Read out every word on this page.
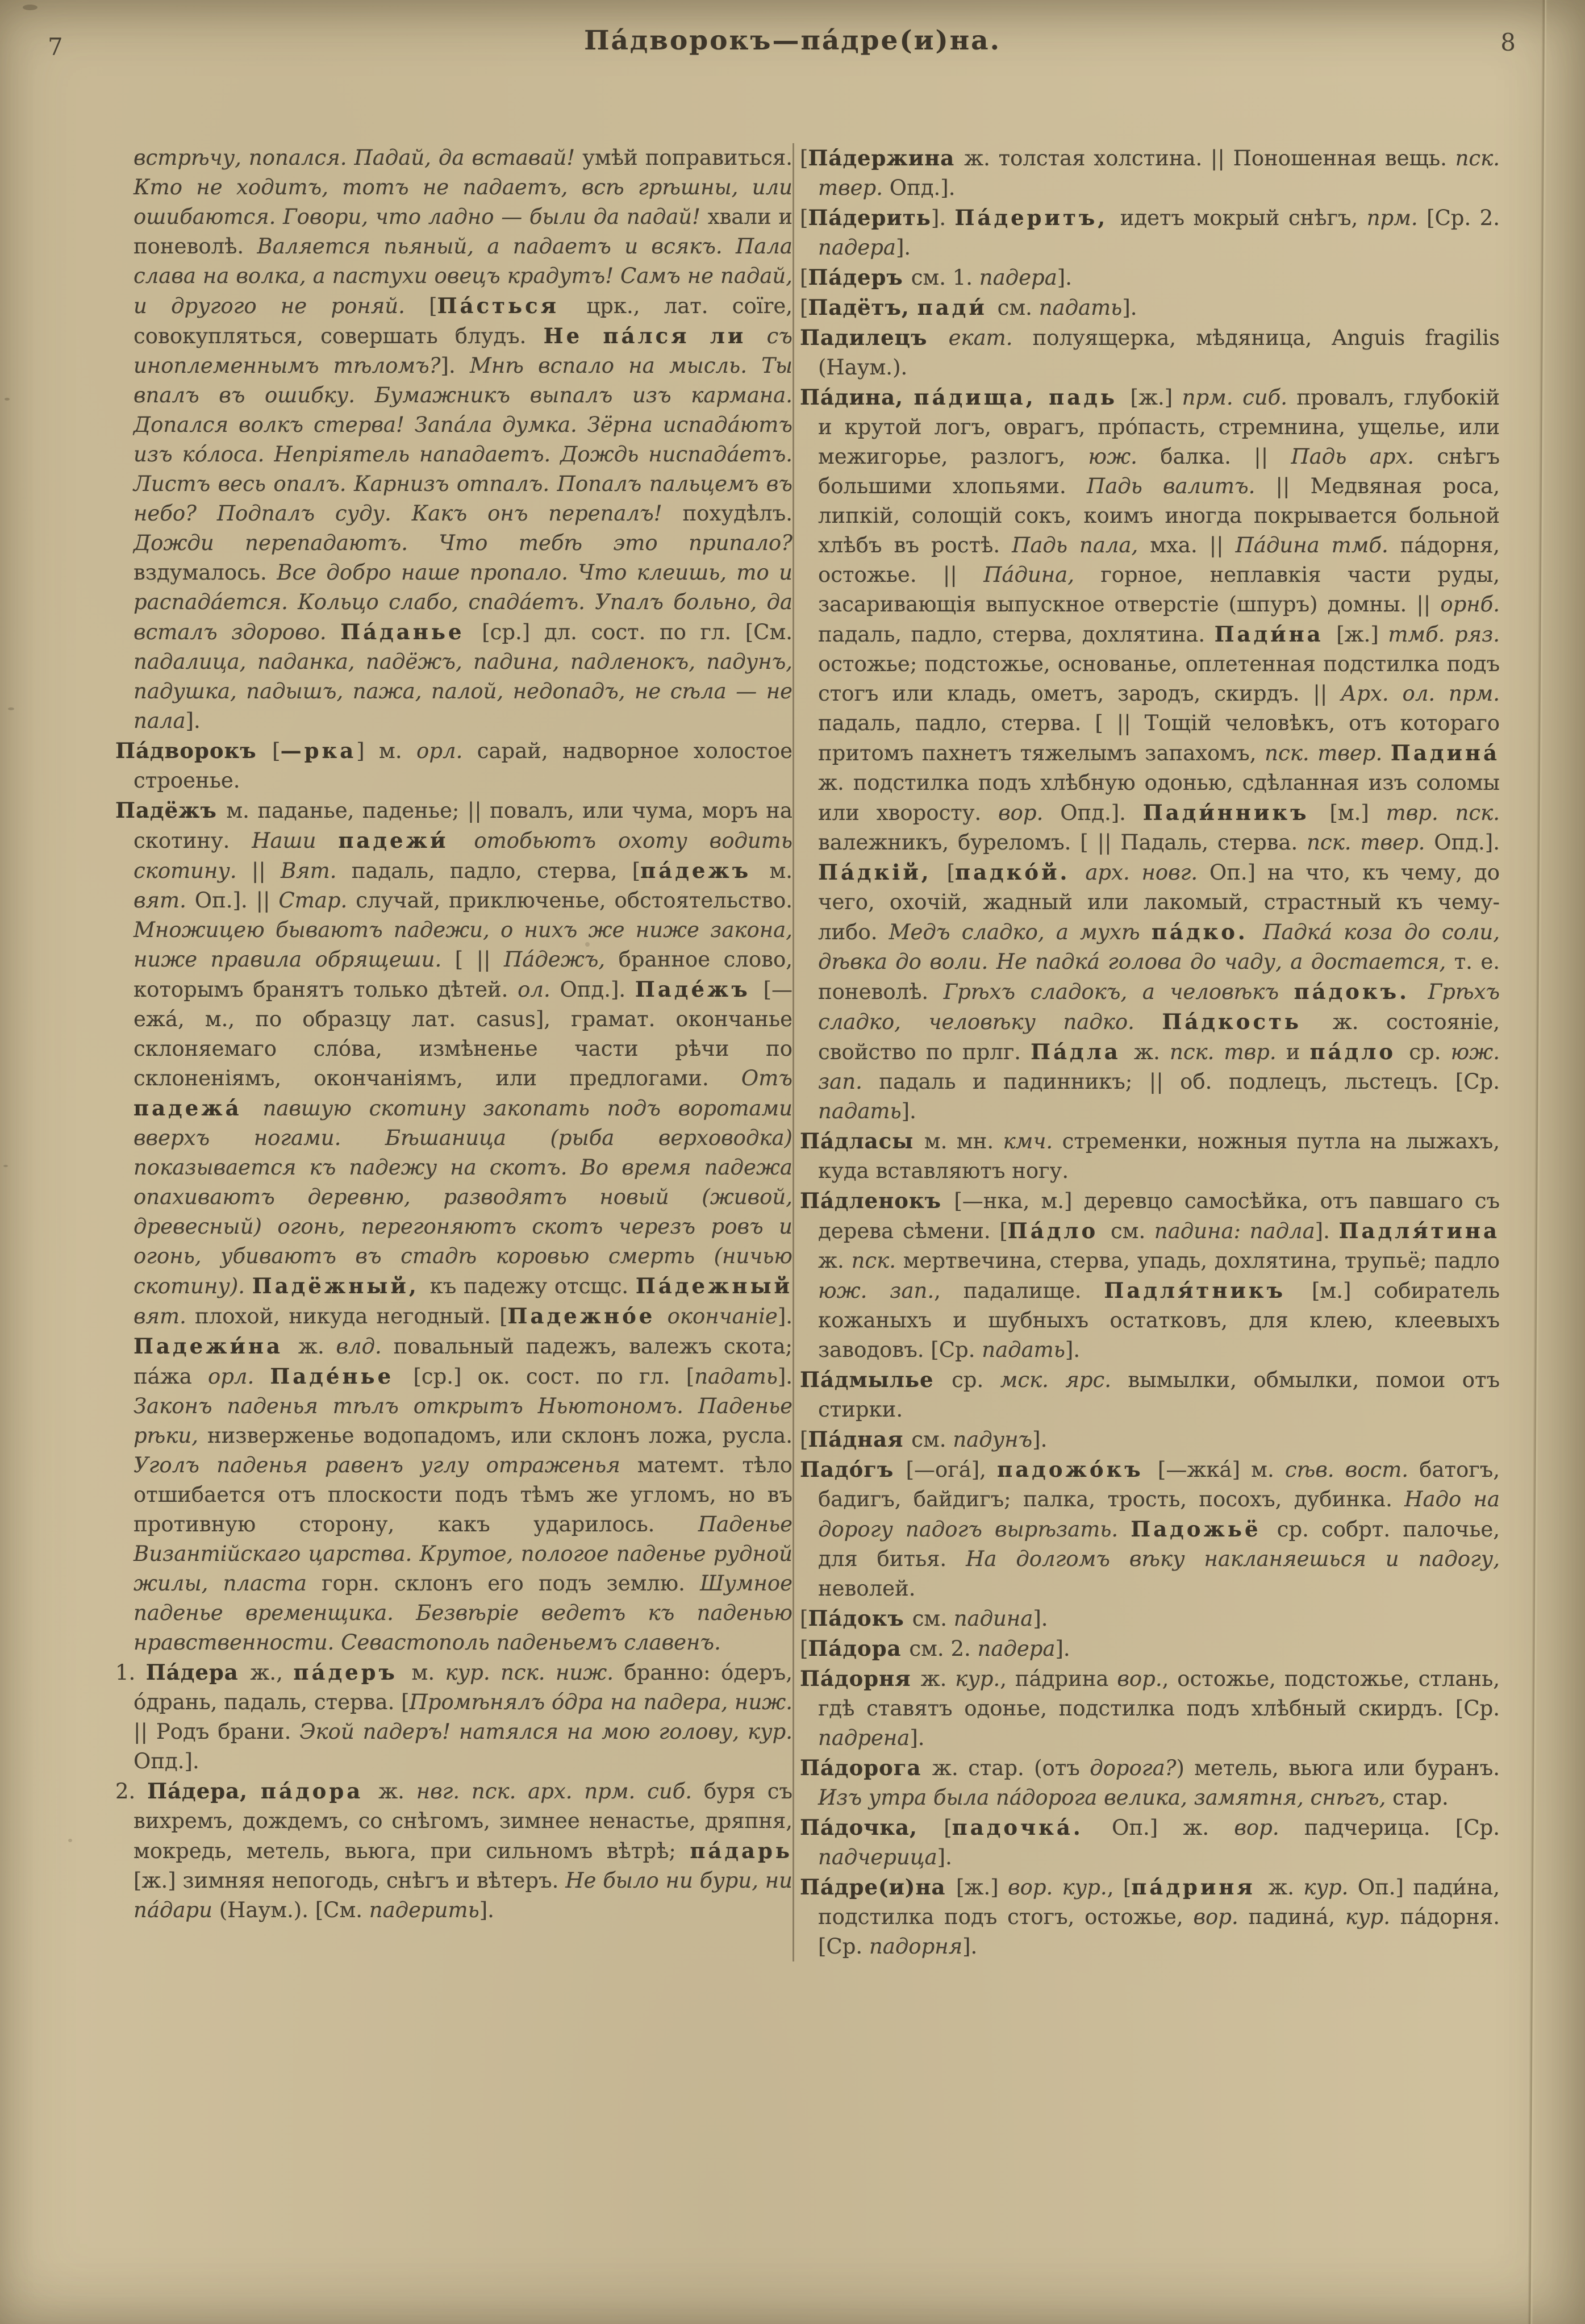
7	Па́дворокъ—па́дре(и)на.	8

встрѣчу, попался. Падай, да вставай! умѣй поправиться. Кто не ходитъ, тотъ не падаетъ, всѣ грѣшны, или ошибаются. Говори, что ладно — были да падай! хвали и поневолѣ. Валяется пьяный, а падаетъ и всякъ. Пала слава на волка, а пастухи овецъ крадутъ! Самъ не падай, и другого не роняй. [Па́сться црк., лат. coïre, совокупляться, совершать блудъ. Не па́лся ли съ иноплеменнымъ тѣломъ?]. Мнѣ вспало на мысль. Ты впалъ въ ошибку. Бумажникъ выпалъ изъ кармана. Допался волкъ стерва! Запа́ла думка. Зёрна испада́ютъ изъ ко́лоса. Непріятель нападаетъ. Дождь ниспада́етъ. Листъ весь опалъ. Карнизъ отпалъ. Попалъ пальцемъ въ небо? Подпалъ суду. Какъ онъ перепалъ! похудѣлъ. Дожди перепадаютъ. Что тебѣ это припало? вздумалось. Все добро наше пропало. Что клеишь, то и распада́ется. Кольцо слабо, спада́етъ. Упалъ больно, да всталъ здорово. Па́данье [ср.] дл. сост. по гл. [См. падалица, паданка, падёжъ, падина, падленокъ, падунъ, падушка, падышъ, пажа, палой, недопадъ, не сѣла — не пала].

Па́дворокъ [—рка] м. орл. сарай, надворное холостое строенье.

Падёжъ м. паданье, паденье; || повалъ, или чума, моръ на скотину. Наши падежи́ отобьютъ охоту водить скотину. || Вят. падаль, падло, стерва, [па́дежъ м. вят. Оп.]. || Стар. случай, приключенье, обстоятельство. Множицею бываютъ падежи, о нихъ же ниже закона, ниже правила обрящеши. [ || Па́дежъ, бранное слово, которымъ бранятъ только дѣтей. ол. Опд.]. Паде́жъ [—ежа́, м., по образцу лат. casus], грамат. окончанье склоняемаго сло́ва, измѣненье части рѣчи по склоненіямъ, окончаніямъ, или предлогами. Отъ падежа́ павшую скотину закопать подъ воротами вверхъ ногами. Бѣшаница (рыба верховодка) показывается къ падежу на скотъ. Во время падежа опахиваютъ деревню, разводятъ новый (живой, древесный) огонь, перегоняютъ скотъ черезъ ровъ и огонь, убиваютъ въ стадѣ коровью смерть (ничью скотину). Падёжный, къ падежу отсщс. Па́дежный вят. плохой, никуда негодный. [Падежно́е окончаніе]. Падежи́на ж. влд. повальный падежъ, валежъ скота; па́жа орл. Паде́нье [ср.] ок. сост. по гл. [падать]. Законъ паденья тѣлъ открытъ Ньютономъ. Паденье рѣки, низверженье водопадомъ, или склонъ ложа, русла. Уголъ паденья равенъ углу отраженья матемт. тѣло отшибается отъ плоскости подъ тѣмъ же угломъ, но въ противную сторону, какъ ударилось. Паденье Византійскаго царства. Крутое, пологое паденье рудной жилы, пласта горн. склонъ его подъ землю. Шумное паденье временщика. Безвѣріе ведетъ къ паденью нравственности. Севастополь паденьемъ славенъ.

1. Па́дера ж., па́деръ м. кур. пск. ниж. бранно: о́деръ, о́дрань, падаль, стерва. [Промѣнялъ о́дра на падера, ниж. || Родъ брани. Экой падеръ! натялся на мою голову, кур. Опд.].

2. Па́дера, па́дора ж. нвг. пск. арх. прм. сиб. буря съ вихремъ, дождемъ, со снѣгомъ, зимнее ненастье, дряпня, мокредь, метель, вьюга, при сильномъ вѣтрѣ; па́дарь [ж.] зимняя непогодь, снѣгъ и вѣтеръ. Не было ни бури, ни па́дари (Наум.). [См. падерить].

[Па́держина ж. толстая холстина. || Поношенная вещь. пск. твер. Опд.].

[Па́дерить]. Па́деритъ, идетъ мокрый снѣгъ, прм. [Ср. 2. падера].

[Па́деръ см. 1. падера].

[Падётъ, пади́ см. падать].

Падилецъ екат. полуящерка, мѣдяница, Anguis fragilis (Наум.).

Па́дина, па́дища, падь [ж.] прм. сиб. провалъ, глубокій и крутой логъ, оврагъ, про́пасть, стремнина, ущелье, или межигорье, разлогъ, юж. балка. || Падь арх. снѣгъ большими хлопьями. Падь валитъ. || Медвяная роса, липкій, солощій сокъ, коимъ иногда покрывается больной хлѣбъ въ ростѣ. Падь пала, мха. || Па́дина тмб. па́дорня, остожье. || Па́дина, горное, неплавкія части руды, засаривающія выпускное отверстіе (шпуръ) домны. || орнб. падаль, падло, стерва, дохлятина. Пади́на [ж.] тмб. ряз. остожье; подстожье, основанье, оплетенная подстилка подъ стогъ или кладь, ометъ, зародъ, скирдъ. || Арх. ол. прм. падаль, падло, стерва. [ || Тощій человѣкъ, отъ котораго притомъ пахнетъ тяжелымъ запахомъ, пск. твер. Падина́ ж. подстилка подъ хлѣбную одонью, сдѣланная изъ соломы или хворосту. вор. Опд.]. Пади́нникъ [м.] твр. пск. валежникъ, буреломъ. [ || Падаль, стерва. пск. твер. Опд.]. Па́дкій, [падко́й. арх. новг. Оп.] на что, къ чему, до чего, охочій, жадный или лакомый, страстный къ чему-либо. Медъ сладко, а мухѣ па́дко. Падка́ коза до соли, дѣвка до воли. Не падка́ голова до чаду, а достается, т. е. поневолѣ. Грѣхъ сладокъ, а человѣкъ па́докъ. Грѣхъ сладко, человѣку падко. Па́дкость ж. состояніе, свойство по прлг. Па́дла ж. пск. твр. и па́дло ср. юж. зап. падаль и падинникъ; || об. подлецъ, льстецъ. [Ср. падать].

Па́дласы м. мн. кмч. стременки, ножныя путла на лыжахъ, куда вставляютъ ногу.

Па́дленокъ [—нка, м.] деревцо самосѣйка, отъ павшаго съ дерева сѣмени. [Па́дло см. падина: падла]. Падля́тина ж. пск. мертвечина, стерва, упадь, дохлятина, трупьё; падло юж. зап., падалище. Падля́тникъ [м.] собиратель кожаныхъ и шубныхъ остатковъ, для клею, клеевыхъ заводовъ. [Ср. падать].

Па́дмылье ср. мск. ярс. вымылки, обмылки, помои отъ стирки.

[Па́дная см. падунъ].

Падо́гъ [—ога́], падожо́къ [—жка́] м. сѣв. вост. батогъ, бадигъ, байдигъ; палка, трость, посохъ, дубинка. Надо на дорогу падогъ вырѣзать. Падожьё ср. собрт. палочье, для битья. На долгомъ вѣку накланяешься и падогу, неволей.

[Па́докъ см. падина].

[Па́дора см. 2. падера].

Па́дорня ж. кур., па́дрина вор., остожье, подстожье, стлань, гдѣ ставятъ одонье, подстилка подъ хлѣбный скирдъ. [Ср. падрена].

Па́дорога ж. стар. (отъ дорога?) метель, вьюга или буранъ. Изъ утра была па́дорога велика, замятня, снѣгъ, стар.

Па́дочка, [падочка́. Оп.] ж. вор. падчерица. [Ср. падчерица].

Па́дре(и)на [ж.] вор. кур., [па́дриня ж. кур. Оп.] пади́на, подстилка подъ стогъ, остожье, вор. падина́, кур. па́дорня. [Ср. падорня].
